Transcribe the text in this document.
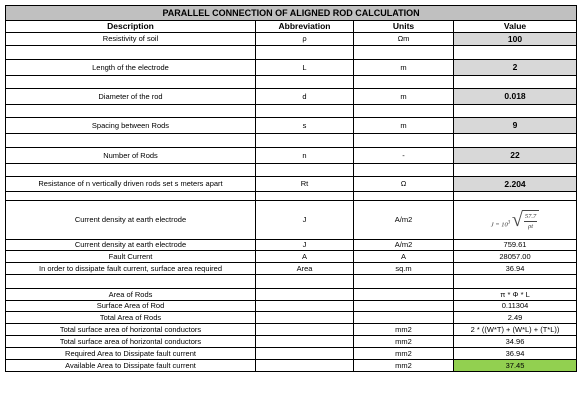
PARALLEL CONNECTION OF ALIGNED ROD CALCULATION			
Description	Abbreviation	Units	Value
Resistivity of soil	ρ	Ωm	100

Length of the electrode	L	m	2

Diameter of the rod	d	m	0.018

Spacing between Rods	s	m	9

Number of Rods	n	-	22

Resistance of n vertically driven rods set s meters apart	Rt	Ω	2.204

Current density at earth electrode	J	A/m2	$J = 10^3$ √ $\frac{57.7}{\rho t}$

Current density at earth electrode	J	A/m2	759.61
Fault Current	A	A	28057.00
In order to dissipate fault current, surface area required	Area	sq.m	36.94

Area of Rods			π * Φ * L
Surface Area of Rod			0.11304
Total Area of Rods			2.49
Total surface area of horizontal conductors		mm2	2 * ((W*T) + (W*L) + (T*L))
Total surface area of horizontal conductors		mm2	34.96
Required Area to Dissipate fault current		mm2	36.94
Available Area to Dissipate fault current		mm2	37.45
